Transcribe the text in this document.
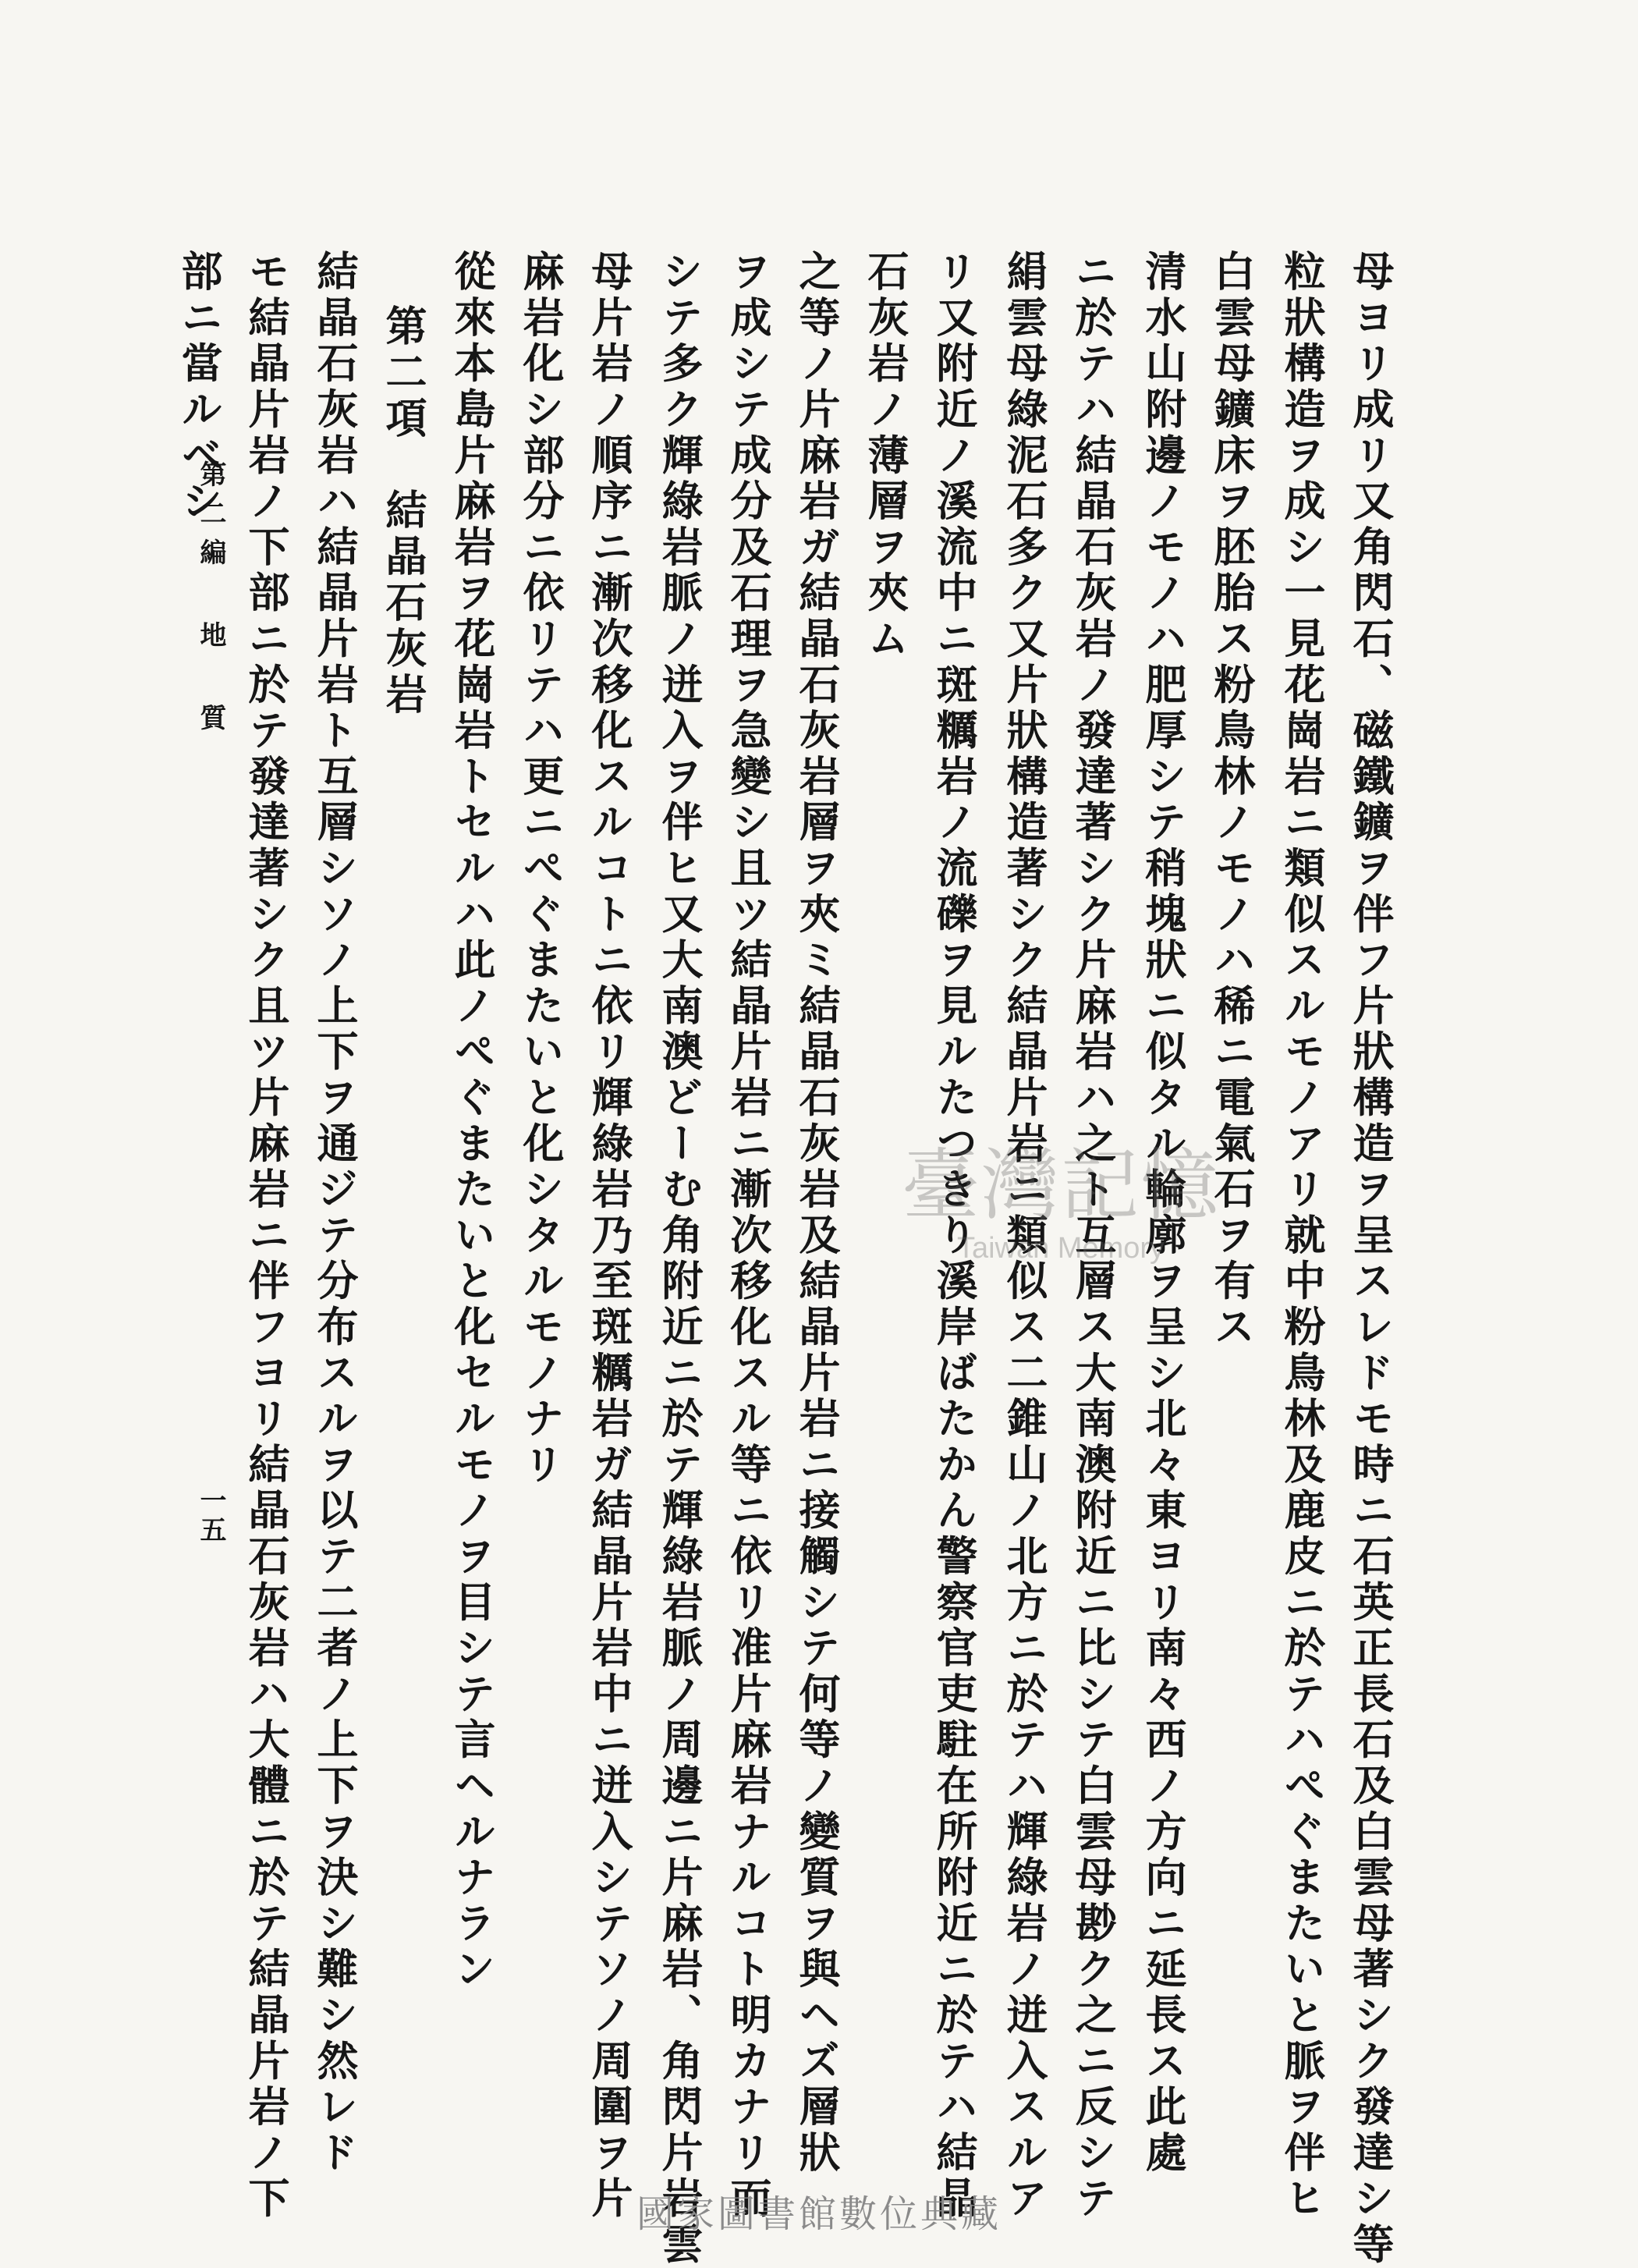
母ヨリ成リ又角閃石、磁鐵鑛ヲ伴フ片狀構造ヲ呈スレドモ時ニ石英正長石及白雲母著シク發達シ等
粒狀構造ヲ成シ一見花崗岩ニ類似スルモノアリ就中粉鳥林及鹿皮ニ於テハぺぐまたいと脈ヲ伴ヒ
白雲母鑛床ヲ胚胎ス粉鳥林ノモノハ稀ニ電氣石ヲ有ス
清水山附邊ノモノハ肥厚シテ稍塊狀ニ似タル輪廓ヲ呈シ北々東ヨリ南々西ノ方向ニ延長ス此處
ニ於テハ結晶石灰岩ノ發達著シク片麻岩ハ之ト互層ス大南澳附近ニ比シテ白雲母尠ク之ニ反シテ
絹雲母綠泥石多ク又片狀構造著シク結晶片岩ニ類似ス二錐山ノ北方ニ於テハ輝綠岩ノ迸入スルア
リ又附近ノ溪流中ニ斑糲岩ノ流礫ヲ見ルたつきり溪岸ばたかん警察官吏駐在所附近ニ於テハ結晶
石灰岩ノ薄層ヲ夾ム
之等ノ片麻岩ガ結晶石灰岩層ヲ夾ミ結晶石灰岩及結晶片岩ニ接觸シテ何等ノ變質ヲ與ヘズ層狀
ヲ成シテ成分及石理ヲ急變シ且ツ結晶片岩ニ漸次移化スル等ニ依リ准片麻岩ナルコト明カナリ而
シテ多ク輝綠岩脈ノ迸入ヲ伴ヒ又大南澳どーむ角附近ニ於テ輝綠岩脈ノ周邊ニ片麻岩、角閃片岩雲
母片岩ノ順序ニ漸次移化スルコトニ依リ輝綠岩乃至斑糲岩ガ結晶片岩中ニ迸入シテソノ周圍ヲ片
麻岩化シ部分ニ依リテハ更ニぺぐまたいと化シタルモノナリ
從來本島片麻岩ヲ花崗岩トセルハ此ノぺぐまたいと化セルモノヲ目シテ言ヘルナラン
第二項　結晶石灰岩
結晶石灰岩ハ結晶片岩ト互層シソノ上下ヲ通ジテ分布スルヲ以テ二者ノ上下ヲ決シ難シ然レド
モ結晶片岩ノ下部ニ於テ發達著シク且ツ片麻岩ニ伴フヨリ結晶石灰岩ハ大體ニ於テ結晶片岩ノ下
部ニ當ルベシ
第二編 地 質
一五
臺灣記憶
Taiwan Memory
國家圖書館數位典藏
